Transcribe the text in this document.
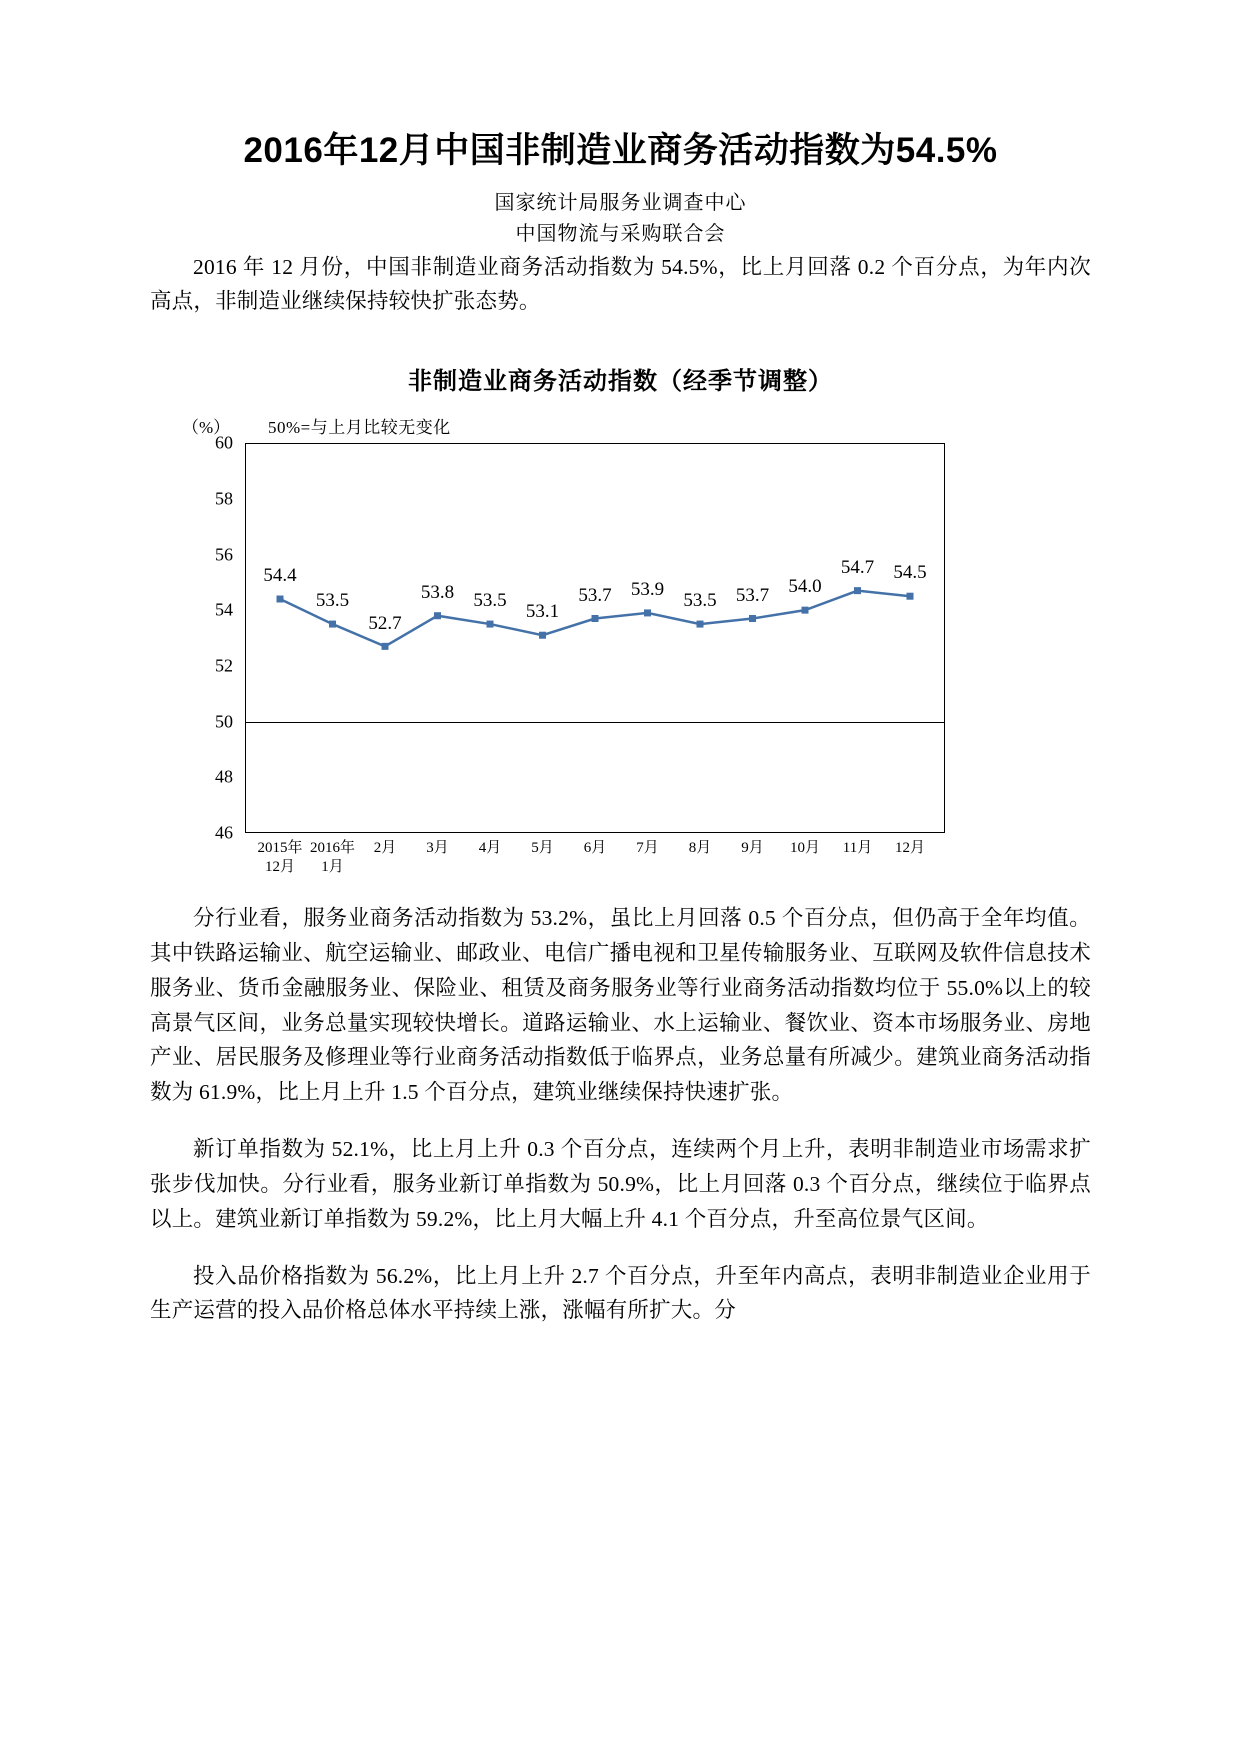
2016年12月中国非制造业商务活动指数为54.5%
国家统计局服务业调查中心
中国物流与采购联合会

2016 年 12 月份，中国非制造业商务活动指数为 54.5%，比上月回落 0.2 个百分点，为年内次高点，非制造业继续保持较快扩张态势。

非制造业商务活动指数（经季节调整）
（%） 50%=与上月比较无变化
60
58
56
54
52
50
48
46
2015年
12月
2016年
1月
2月 3月 4月 5月 6月 7月 8月 9月 10月 11月 12月
54.4
53.5
52.7
53.8 53.5
53.1
53.7 53.9
53.5 53.7 54.0
54.7 54.5

分行业看，服务业商务活动指数为 53.2%，虽比上月回落 0.5 个百分点，但仍高于全年均值。其中铁路运输业、航空运输业、邮政业、电信广播电视和卫星传输服务业、互联网及软件信息技术服务业、货币金融服务业、保险业、租赁及商务服务业等行业商务活动指数均位于 55.0%以上的较高景气区间，业务总量实现较快增长。道路运输业、水上运输业、餐饮业、资本市场服务业、房地产业、居民服务及修理业等行业商务活动指数低于临界点，业务总量有所减少。建筑业商务活动指数为 61.9%，比上月上升 1.5 个百分点，建筑业继续保持快速扩张。

新订单指数为 52.1%，比上月上升 0.3 个百分点，连续两个月上升，表明非制造业市场需求扩张步伐加快。分行业看，服务业新订单指数为 50.9%，比上月回落 0.3 个百分点，继续位于临界点以上。建筑业新订单指数为 59.2%，比上月大幅上升 4.1 个百分点，升至高位景气区间。

投入品价格指数为 56.2%，比上月上升 2.7 个百分点，升至年内高点，表明非制造业企业用于生产运营的投入品价格总体水平持续上涨，涨幅有所扩大。分
